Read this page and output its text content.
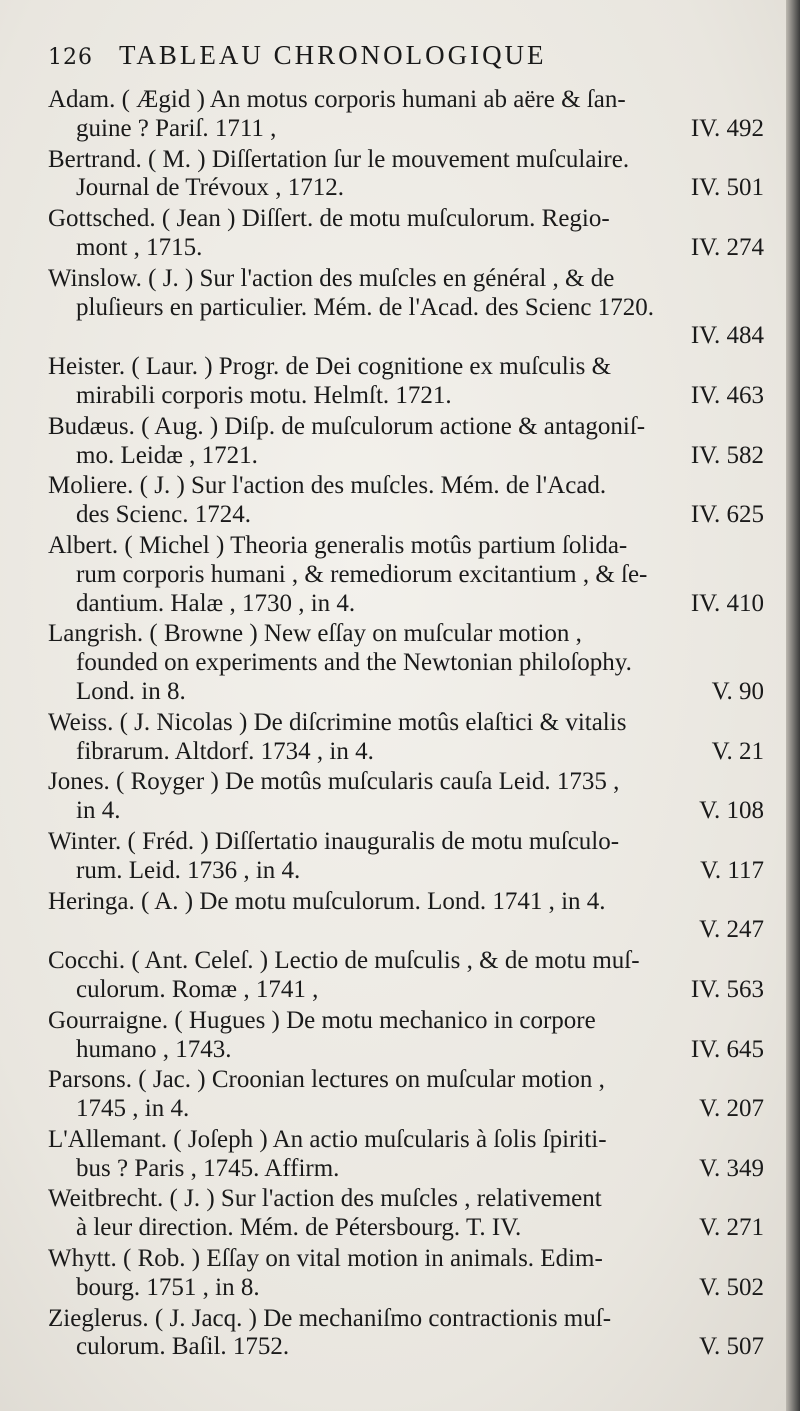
126 TABLEAU CHRONOLOGIQUE
Adam. ( Ægid ) An motus corporis humani ab aëre & ſan-
guine ? Pariſ. 1711 ,	IV. 492
Bertrand. ( M. ) Diſſertation ſur le mouvement muſculaire.
Journal de Trévoux , 1712.	IV. 501
Gottsched. ( Jean ) Diſſert. de motu muſculorum. Regio-
mont , 1715.	IV. 274
Winslow. ( J. ) Sur l'action des muſcles en général , & de
pluſieurs en particulier. Mém. de l'Acad. des Scienc 1720.
IV. 484
Heister. ( Laur. ) Progr. de Dei cognitione ex muſculis &
mirabili corporis motu. Helmſt. 1721.	IV. 463
Budæus. ( Aug. ) Diſp. de muſculorum actione & antagoniſ-
mo. Leidæ , 1721.	IV. 582
Moliere. ( J. ) Sur l'action des muſcles. Mém. de l'Acad.
des Scienc. 1724.	IV. 625
Albert. ( Michel ) Theoria generalis motûs partium ſolida-
rum corporis humani , & remediorum excitantium , & ſe-
dantium. Halæ , 1730 , in 4.	IV. 410
Langrish. ( Browne ) New eſſay on muſcular motion ,
founded on experiments and the Newtonian philoſophy.
Lond. in 8.	V. 90
Weiss. ( J. Nicolas ) De diſcrimine motûs elaſtici & vitalis
fibrarum. Altdorf. 1734 , in 4.	V. 21
Jones. ( Royger ) De motûs muſcularis cauſa Leid. 1735 ,
in 4.	V. 108
Winter. ( Fréd. ) Diſſertatio inauguralis de motu muſculo-
rum. Leid. 1736 , in 4.	V. 117
Heringa. ( A. ) De motu muſculorum. Lond. 1741 , in 4.
V. 247
Cocchi. ( Ant. Celeſ. ) Lectio de muſculis , & de motu muſ-
culorum. Romæ , 1741 ,	IV. 563
Gourraigne. ( Hugues ) De motu mechanico in corpore
humano , 1743.	IV. 645
Parsons. ( Jac. ) Croonian lectures on muſcular motion ,
1745 , in 4.	V. 207
L'Allemant. ( Joſeph ) An actio muſcularis à ſolis ſpiriti-
bus ? Paris , 1745. Affirm.	V. 349
Weitbrecht. ( J. ) Sur l'action des muſcles , relativement
à leur direction. Mém. de Pétersbourg. T. IV.	V. 271
Whytt. ( Rob. ) Eſſay on vital motion in animals. Edim-
bourg. 1751 , in 8.	V. 502
Zieglerus. ( J. Jacq. ) De mechaniſmo contractionis muſ-
culorum. Baſil. 1752.	V. 507
